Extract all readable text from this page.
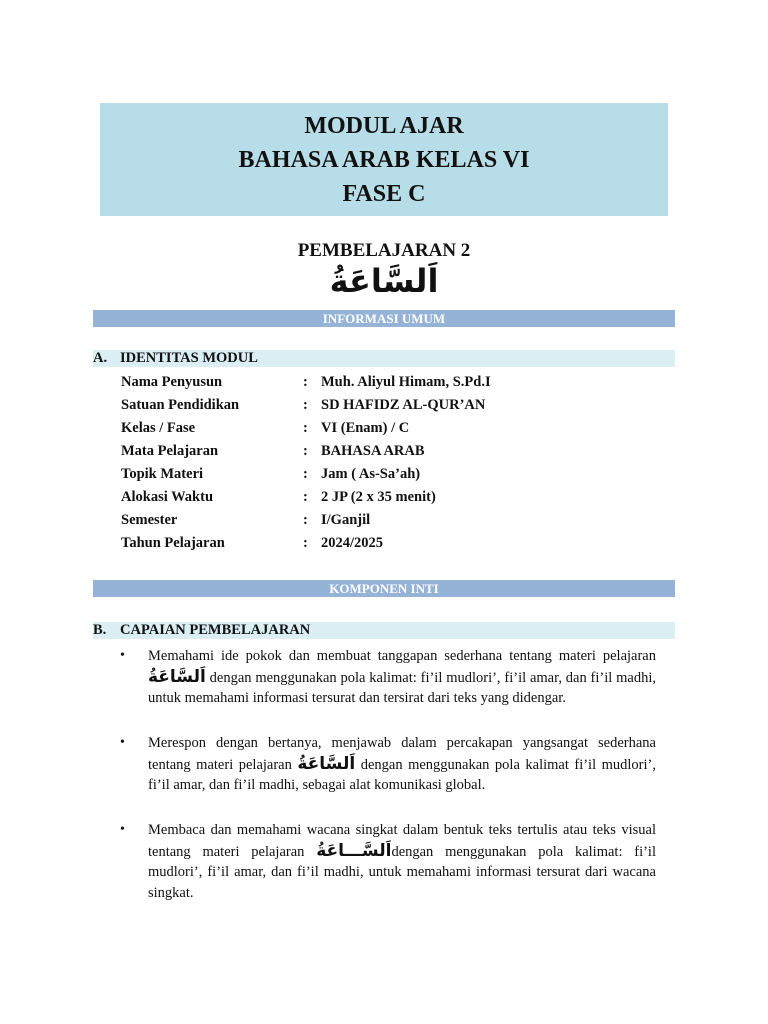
MODUL AJAR
BAHASA ARAB KELAS VI
FASE C
PEMBELAJARAN 2
اَلسَّاعَةُ
INFORMASI UMUM
A. IDENTITAS MODUL
Nama Penyusun	: Muh. Aliyul Himam, S.Pd.I
Satuan Pendidikan	: SD HAFIDZ AL-QUR’AN
Kelas / Fase	: VI (Enam) / C
Mata Pelajaran	: BAHASA ARAB
Topik Materi	: Jam ( As-Sa’ah)
Alokasi Waktu	: 2 JP (2 x 35 menit)
Semester	: I/Ganjil
Tahun Pelajaran	: 2024/2025
KOMPONEN INTI
B. CAPAIAN PEMBELAJARAN
• Memahami ide pokok dan membuat tanggapan sederhana tentang materi pelajaran اَلسَّاعَةُ dengan menggunakan pola kalimat: fi’il mudlori’, fi’il amar, dan fi’il madhi, untuk memahami informasi tersurat dan tersirat dari teks yang didengar.
• Merespon dengan bertanya, menjawab dalam percakapan yangsangat sederhana tentang materi pelajaran اَلسَّاعَةُ dengan menggunakan pola kalimat fi’il mudlori’, fi’il amar, dan fi’il madhi, sebagai alat komunikasi global.
• Membaca dan memahami wacana singkat dalam bentuk teks tertulis atau teks visual tentang materi pelajaran اَلسَّـــاعَةُdengan menggunakan pola kalimat: fi’il mudlori’, fi’il amar, dan fi’il madhi, untuk memahami informasi tersurat dari wacana singkat.
